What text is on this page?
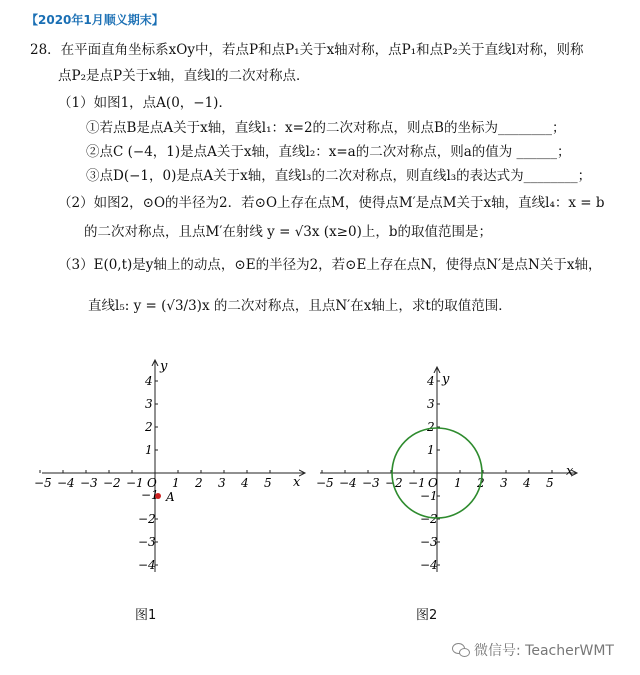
【2020年1月顺义期末】
28．在平面直角坐标系xOy中，若点P和点P₁关于x轴对称，点P₁和点P₂关于直线l对称，则称
点P₂是点P关于x轴，直线l的二次对称点．
（1）如图1，点A(0，−1)．
①若点B是点A关于x轴，直线l₁：x=2的二次对称点，则点B的坐标为________；
②点C (−4，1)是点A关于x轴，直线l₂：x=a的二次对称点，则a的值为 ______；
③点D(−1，0)是点A关于x轴，直线l₃的二次对称点，则直线l₃的表达式为________；
（2）如图2，⊙O的半径为2．若⊙O上存在点M，使得点M′是点M关于x轴，直线l₄：x = b
的二次对称点，且点M′在射线 y = √3x (x≥0)上，b的取值范围是；
（3）E(0,t)是y轴上的动点，⊙E的半径为2，若⊙E上存在点N，使得点N′是点N关于x轴，
直线l₅: y = (√3/3)x 的二次对称点，且点N′在x轴上，求t的取值范围．
−5 −4 −3 −2 −1 1 2 3 4 5
4
3
2
1
−2
−3
−4
x
y
O
A
−1
−5 −4 −3 −2 −1 1 2 3 4 5
4
3
2
1
−1
−2
−3
−4
x
y
O
图1	图2
微信号: TeacherWMT
